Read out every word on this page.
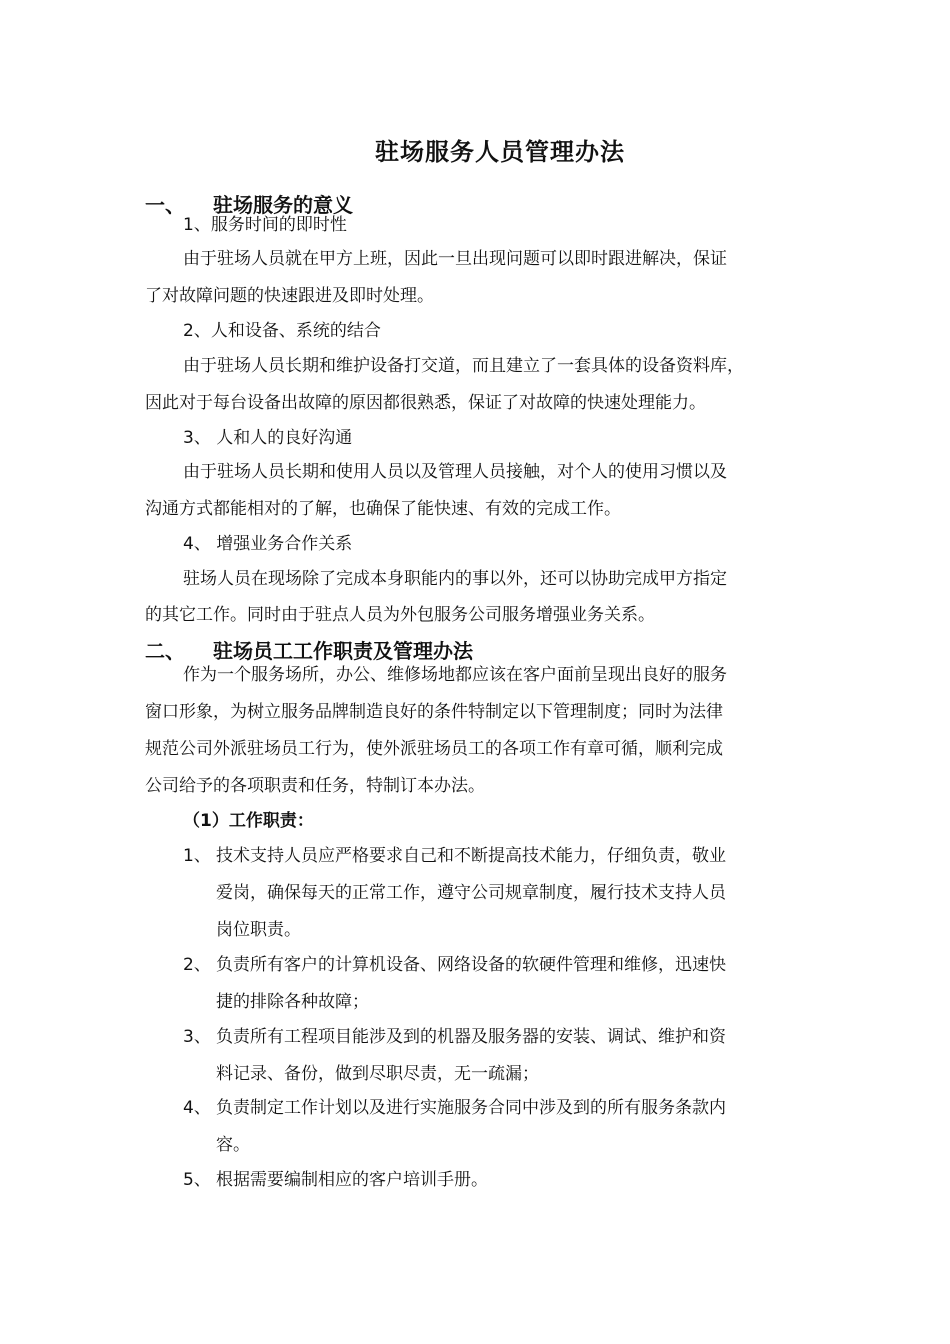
驻场服务人员管理办法
一、	驻场服务的意义
1、服务时间的即时性
由于驻场人员就在甲方上班，因此一旦出现问题可以即时跟进解决，保证
了对故障问题的快速跟进及即时处理。
2、人和设备、系统的结合
由于驻场人员长期和维护设备打交道，而且建立了一套具体的设备资料库，
因此对于每台设备出故障的原因都很熟悉，保证了对故障的快速处理能力。
3、 人和人的良好沟通
由于驻场人员长期和使用人员以及管理人员接触，对个人的使用习惯以及
沟通方式都能相对的了解，也确保了能快速、有效的完成工作。
4、 增强业务合作关系
驻场人员在现场除了完成本身职能内的事以外，还可以协助完成甲方指定
的其它工作。同时由于驻点人员为外包服务公司服务增强业务关系。
二、	驻场员工工作职责及管理办法
作为一个服务场所，办公、维修场地都应该在客户面前呈现出良好的服务
窗口形象，为树立服务品牌制造良好的条件特制定以下管理制度；同时为法律
规范公司外派驻场员工行为，使外派驻场员工的各项工作有章可循，顺利完成
公司给予的各项职责和任务，特制订本办法。
（1）工作职责：
1、 技术支持人员应严格要求自己和不断提高技术能力，仔细负责，敬业
爱岗，确保每天的正常工作，遵守公司规章制度，履行技术支持人员
岗位职责。
2、 负责所有客户的计算机设备、网络设备的软硬件管理和维修，迅速快
捷的排除各种故障；
3、 负责所有工程项目能涉及到的机器及服务器的安装、调试、维护和资
料记录、备份，做到尽职尽责，无一疏漏；
4、 负责制定工作计划以及进行实施服务合同中涉及到的所有服务条款内
容。
5、 根据需要编制相应的客户培训手册。
